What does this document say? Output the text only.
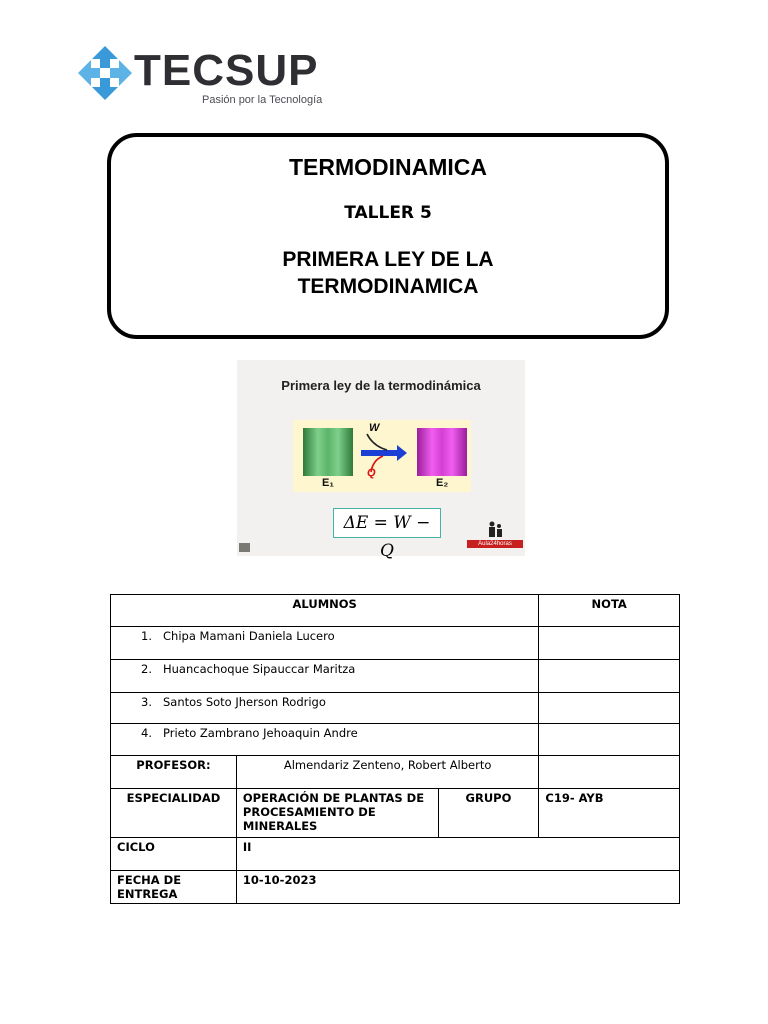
TECSUP
Pasión por la Tecnología
TERMODINAMICA
TALLER 5
PRIMERA LEY DE LA
TERMODINAMICA
Primera ley de la termodinámica
W
Q
E₁	E₂
ΔE = W − Q	Aula24horas
ALUMNOS			NOTA
1. Chipa Mamani Daniela Lucero			
2. Huancachoque Sipauccar Maritza			
3. Santos Soto Jherson Rodrigo			
4. Prieto Zambrano Jehoaquin Andre			
PROFESOR:	Almendariz Zenteno, Robert Alberto		
ESPECIALIDAD	OPERACIÓN DE PLANTAS DE PROCESAMIENTO DE MINERALES	GRUPO	C19- AYB
CICLO	II		
FECHA DE ENTREGA	10-10-2023		
